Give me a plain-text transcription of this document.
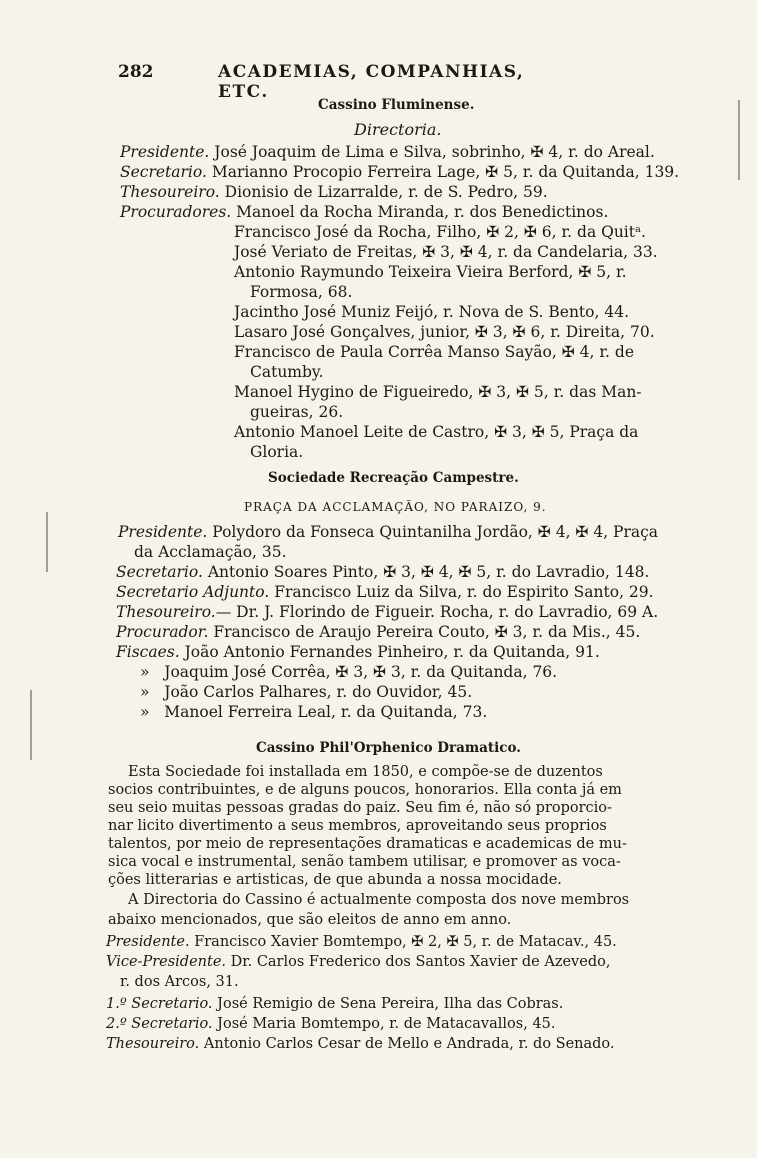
282	ACADEMIAS, COMPANHIAS, ETC.
Cassino Fluminense.
Directoria.
Presidente. José Joaquim de Lima e Silva, sobrinho, ✠ 4, r. do Areal.
Secretario. Marianno Procopio Ferreira Lage, ✠ 5, r. da Quitanda, 139.
Thesoureiro. Dionisio de Lizarralde, r. de S. Pedro, 59.
Procuradores. Manoel da Rocha Miranda, r. dos Benedictinos.
Francisco José da Rocha, Filho, ✠ 2, ✠ 6, r. da Quitᵃ.
José Veriato de Freitas, ✠ 3, ✠ 4, r. da Candelaria, 33.
Antonio Raymundo Teixeira Vieira Berford, ✠ 5, r.
Formosa, 68.
Jacintho José Muniz Feijó, r. Nova de S. Bento, 44.
Lasaro José Gonçalves, junior, ✠ 3, ✠ 6, r. Direita, 70.
Francisco de Paula Corrêa Manso Sayão, ✠ 4, r. de
Catumby.
Manoel Hygino de Figueiredo, ✠ 3, ✠ 5, r. das Man-
gueiras, 26.
Antonio Manoel Leite de Castro, ✠ 3, ✠ 5, Praça da
Gloria.
Sociedade Recreação Campestre.
PRAÇA DA ACCLAMAÇÃO, NO PARAIZO, 9.
Presidente. Polydoro da Fonseca Quintanilha Jordão, ✠ 4, ✠ 4, Praça
da Acclamação, 35.
Secretario. Antonio Soares Pinto, ✠ 3, ✠ 4, ✠ 5, r. do Lavradio, 148.
Secretario Adjunto. Francisco Luiz da Silva, r. do Espirito Santo, 29.
Thesoureiro.— Dr. J. Florindo de Figueir. Rocha, r. do Lavradio, 69 A.
Procurador. Francisco de Araujo Pereira Couto, ✠ 3, r. da Mis., 45.
Fiscaes. João Antonio Fernandes Pinheiro, r. da Quitanda, 91.
» Joaquim José Corrêa, ✠ 3, ✠ 3, r. da Quitanda, 76.
» João Carlos Palhares, r. do Ouvidor, 45.
» Manoel Ferreira Leal, r. da Quitanda, 73.
Cassino Phil'Orphenico Dramatico.
Esta Sociedade foi installada em 1850, e compõe-se de duzentos
socios contribuintes, e de alguns poucos, honorarios. Ella conta já em
seu seio muitas pessoas gradas do paiz. Seu fim é, não só proporcio-
nar licito divertimento a seus membros, aproveitando seus proprios
talentos, por meio de representações dramaticas e academicas de mu-
sica vocal e instrumental, senão tambem utilisar, e promover as voca-
ções litterarias e artisticas, de que abunda a nossa mocidade.
A Directoria do Cassino é actualmente composta dos nove membros
abaixo mencionados, que são eleitos de anno em anno.
Presidente. Francisco Xavier Bomtempo, ✠ 2, ✠ 5, r. de Matacav., 45.
Vice-Presidente. Dr. Carlos Frederico dos Santos Xavier de Azevedo,
r. dos Arcos, 31.
1.º Secretario. José Remigio de Sena Pereira, Ilha das Cobras.
2.º Secretario. José Maria Bomtempo, r. de Matacavallos, 45.
Thesoureiro. Antonio Carlos Cesar de Mello e Andrada, r. do Senado.
